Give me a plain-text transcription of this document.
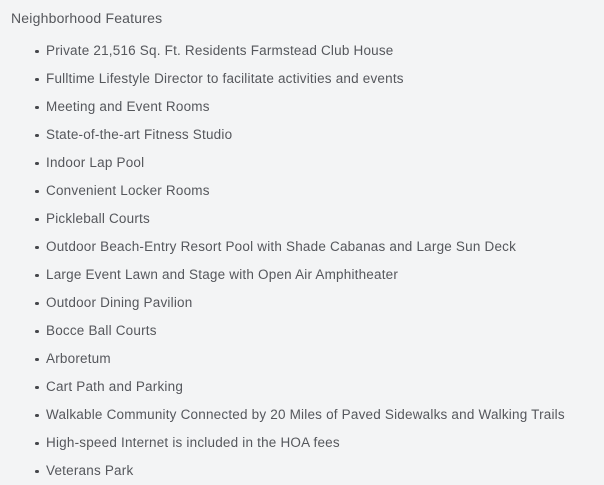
Neighborhood Features
Private 21,516 Sq. Ft. Residents Farmstead Club House
Fulltime Lifestyle Director to facilitate activities and events
Meeting and Event Rooms
State-of-the-art Fitness Studio
Indoor Lap Pool
Convenient Locker Rooms
Pickleball Courts
Outdoor Beach-Entry Resort Pool with Shade Cabanas and Large Sun Deck
Large Event Lawn and Stage with Open Air Amphitheater
Outdoor Dining Pavilion
Bocce Ball Courts
Arboretum
Cart Path and Parking
Walkable Community Connected by 20 Miles of Paved Sidewalks and Walking Trails
High-speed Internet is included in the HOA fees
Veterans Park
